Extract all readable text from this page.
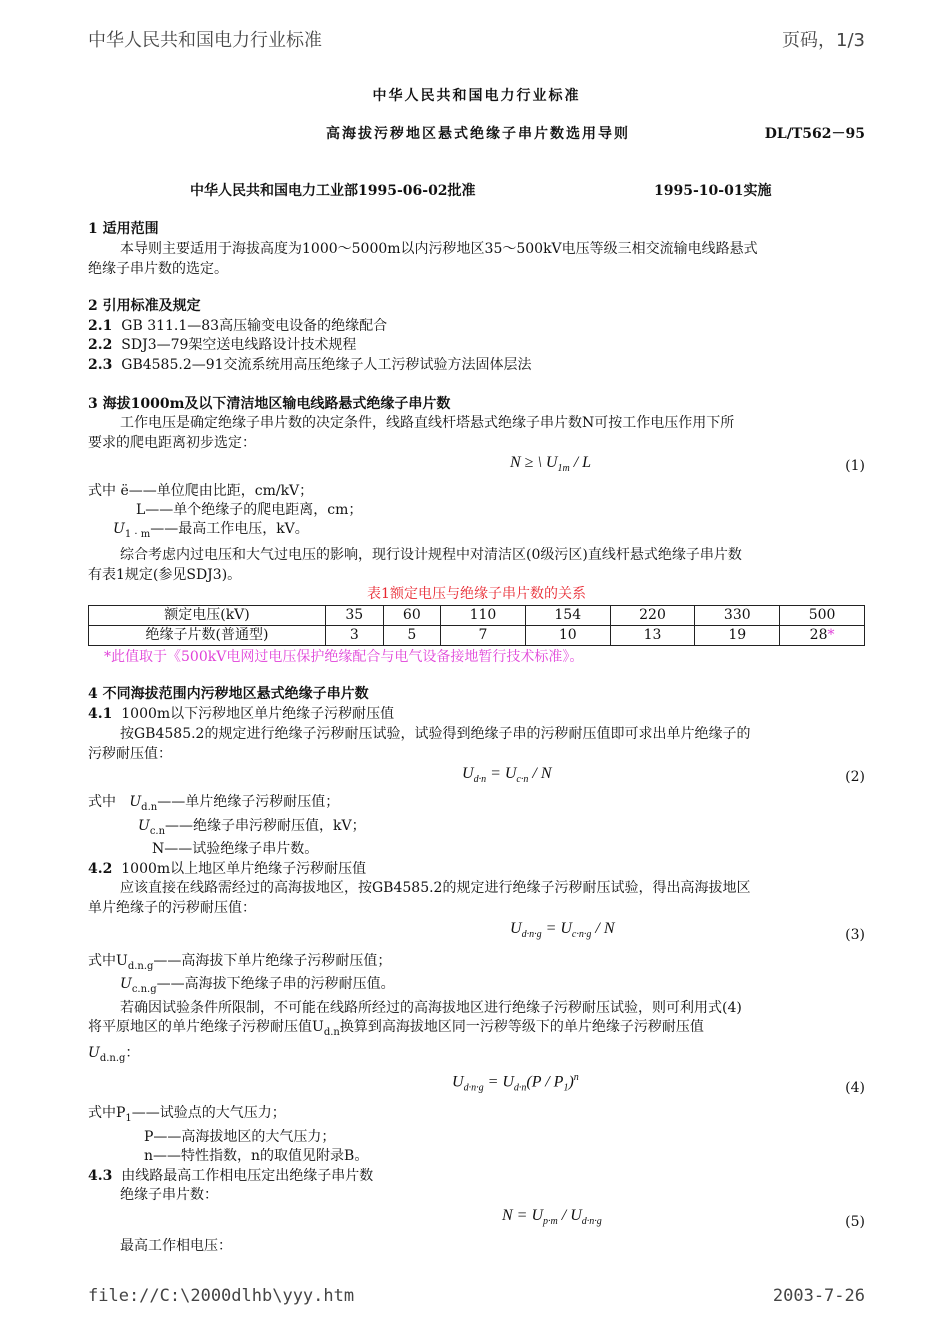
中华人民共和国电力行业标准	页码，1/3
中华人民共和国电力行业标准
高海拔污秽地区悬式绝缘子串片数选用导则	DL/T562－95
中华人民共和国电力工业部1995-06-02批准	1995-10-01实施
1 适用范围
本导则主要适用于海拔高度为1000～5000m以内污秽地区35～500kV电压等级三相交流输电线路悬式
绝缘子串片数的选定。
2 引用标准及规定
2.1 GB 311.1—83高压输变电设备的绝缘配合
2.2 SDJ3—79架空送电线路设计技术规程
2.3 GB4585.2—91交流系统用高压绝缘子人工污秽试验方法固体层法
3 海拔1000m及以下清洁地区输电线路悬式绝缘子串片数
工作电压是确定绝缘子串片数的决定条件，线路直线杆塔悬式绝缘子串片数N可按工作电压作用下所
要求的爬电距离初步选定：
N ≥ \ $U_{1m}$ / L	(1)
式中 ë——单位爬由比距，cm/kV；
L——单个绝缘子的爬电距离，cm；
$U_{1 \cdot m}——$最高工作电压，kV。
综合考虑内过电压和大气过电压的影响，现行设计规程中对清洁区(0级污区)直线杆悬式绝缘子串片数
有表1规定(参见SDJ3)。
表1额定电压与绝缘子串片数的关系
额定电压(kV)	35	60	110	154	220	330	500
绝缘子片数(普通型)	3	5	7	10	13	19	28*
*此值取于《500kV电网过电压保护绝缘配合与电气设备接地暂行技术标准》。
4 不同海拔范围内污秽地区悬式绝缘子串片数
4.1 1000m以下污秽地区单片绝缘子污秽耐压值
按GB4585.2的规定进行绝缘子污秽耐压试验，试验得到绝缘子串的污秽耐压值即可求出单片绝缘子的
污秽耐压值：
$U_{d\cdot n} = U_{c\cdot n} / N$	(2)
式中 $U_{d.n}——$单片绝缘子污秽耐压值；
$U_{c.n}——$绝缘子串污秽耐压值，kV；
N——试验绝缘子串片数。
4.2 1000m以上地区单片绝缘子污秽耐压值
应该直接在线路需经过的高海拔地区，按GB4585.2的规定进行绝缘子污秽耐压试验，得出高海拔地区
单片绝缘子的污秽耐压值：
$U_{d\cdot n\cdot g} = U_{c\cdot n\cdot g} / N$	(3)
式中$U_{d.n.g}——$高海拔下单片绝缘子污秽耐压值；
$U_{c.n.g}——$高海拔下绝缘子串的污秽耐压值。
若确因试验条件所限制，不可能在线路所经过的高海拔地区进行绝缘子污秽耐压试验，则可利用式(4)
将平原地区的单片绝缘子污秽耐压值$U_{d.n}$换算到高海拔地区同一污秽等级下的单片绝缘子污秽耐压值
$U_{d.n.g}$：
$U_{d\cdot n\cdot g} = U_{d\cdot n}(P / P_1)^n$
(4)
式中$P_1——$试验点的大气压力；
P——高海拔地区的大气压力；
n——特性指数，n的取值见附录B。
4.3 由线路最高工作相电压定出绝缘子串片数
绝缘子串片数：
$N = U_{p\cdot m} / U_{d\cdot n\cdot g}$	(5)
最高工作相电压：
file://C:\2000dlhb\yyy.htm	2003-7-26
